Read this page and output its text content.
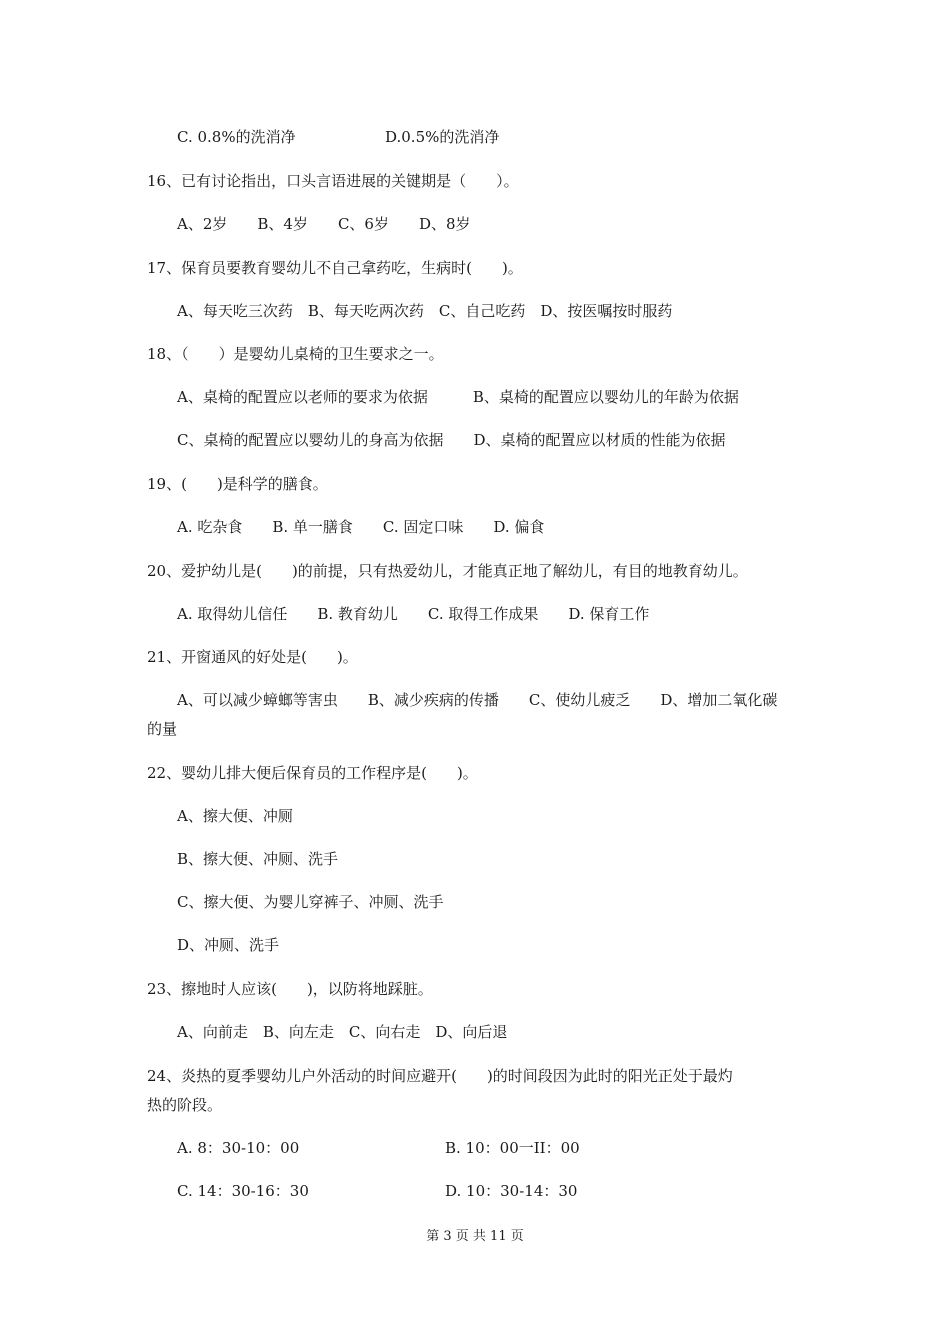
C. 0.8%的洗消净	D.0.5%的洗消净
16、已有讨论指出，口头言语进展的关键期是（　　）。
A、2岁　　B、4岁　　C、6岁　　D、8岁
17、保育员要教育婴幼儿不自己拿药吃，生病时(　　)。
A、每天吃三次药　B、每天吃两次药　C、自己吃药　D、按医嘱按时服药
18、（　　）是婴幼儿桌椅的卫生要求之一。
A、桌椅的配置应以老师的要求为依据　　　B、桌椅的配置应以婴幼儿的年龄为依据
C、桌椅的配置应以婴幼儿的身高为依据　　D、桌椅的配置应以材质的性能为依据
19、(　　)是科学的膳食。
A. 吃杂食　　B. 单一膳食　　C. 固定口味　　D. 偏食
20、爱护幼儿是(　　)的前提，只有热爱幼儿，才能真正地了解幼儿，有目的地教育幼儿。
A. 取得幼儿信任　　B. 教育幼儿　　C. 取得工作成果　　D. 保育工作
21、开窗通风的好处是(　　)。
A、可以减少蟑螂等害虫　　B、减少疾病的传播　　C、使幼儿疲乏　　D、增加二氧化碳
的量
22、婴幼儿排大便后保育员的工作程序是(　　)。
A、擦大便、冲厕
B、擦大便、冲厕、洗手
C、擦大便、为婴儿穿裤子、冲厕、洗手
D、冲厕、洗手
23、擦地时人应该(　　)，以防将地踩脏。
A、向前走　B、向左走　C、向右走　D、向后退
24、炎热的夏季婴幼儿户外活动的时间应避开(　　)的时间段因为此时的阳光正处于最灼
热的阶段。
A. 8：30-10：00	B. 10：00一II：00
C. 14：30-16：30	D. 10：30-14：30
第 3 页 共 11 页
